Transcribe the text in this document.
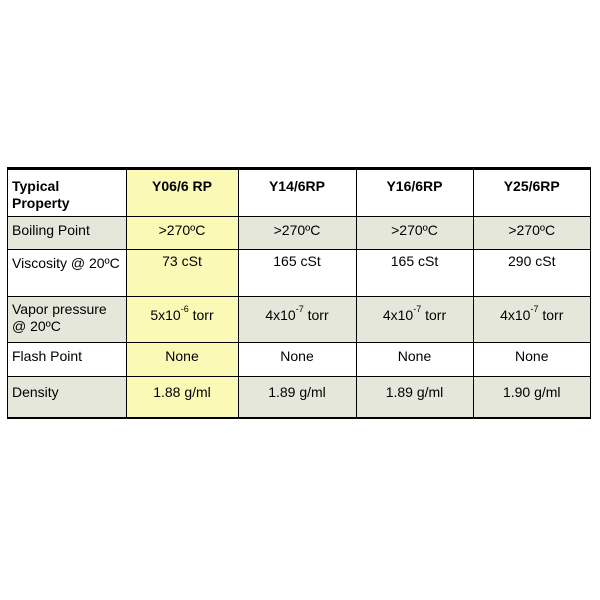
Typical
Property	Y06/6 RP	Y14/6RP	Y16/6RP	Y25/6RP
Boiling Point	>270ºC	>270ºC	>270ºC	>270ºC
Viscosity @ 20ºC	73 cSt	165 cSt	165 cSt	290 cSt
Vapor pressure @ 20ºC	$5x10^{-6}$ torr	$4x10^{-7}$ torr	$4x10^{-7}$ torr	$4x10^{-7}$ torr
Flash Point	None	None	None	None
Density	1.88 g/ml	1.89 g/ml	1.89 g/ml	1.90 g/ml
